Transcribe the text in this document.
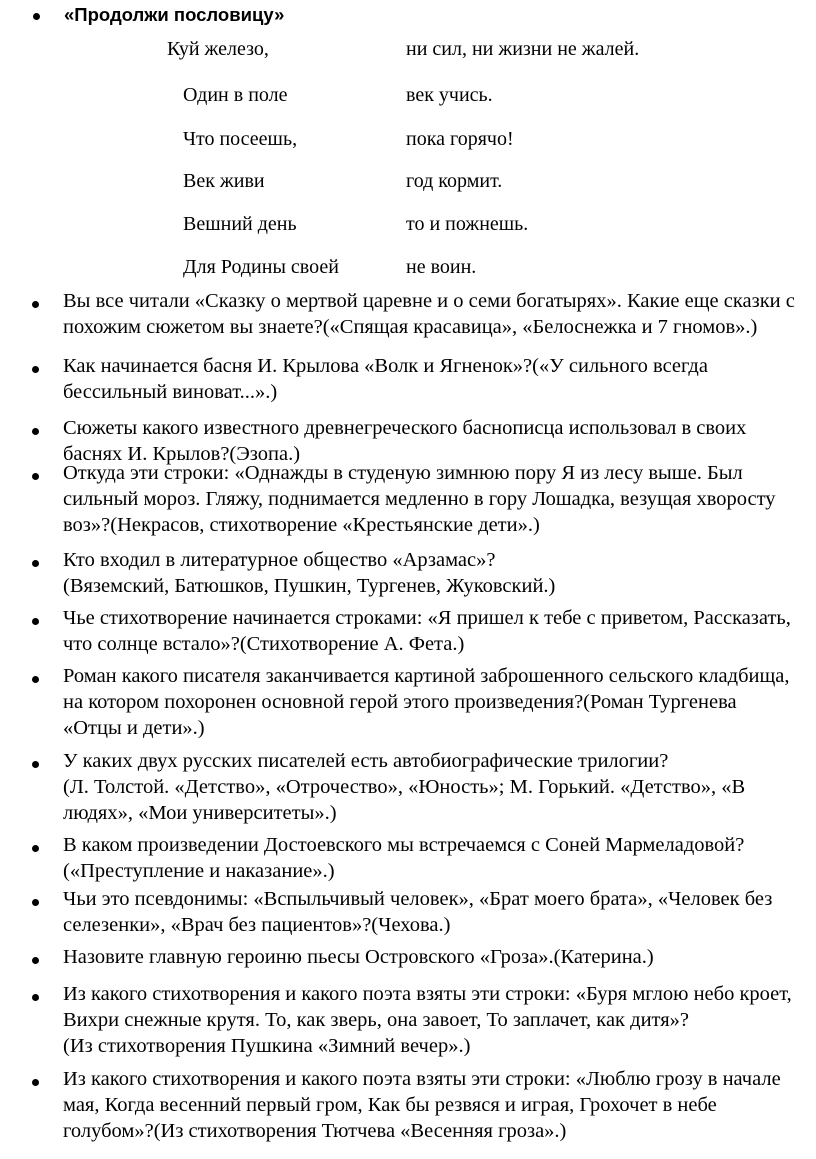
«Продолжи пословицу»
Куй железо,
Один в поле
Что посеешь,
Век живи
Вешний день
Для Родины своей
ни сил, ни жизни не жалей.
век учись.
пока горячо!
год кормит.
то и пожнешь.
не воин.
Вы все читали «Сказку о мертвой царевне и о семи богатырях». Какие еще сказки с
похожим сюжетом вы знаете?(«Спящая красавица», «Белоснежка и 7 гномов».)
Как начинается басня И. Крылова «Волк и Ягненок»?(«У сильного всегда
бессильный виноват...».)
Сюжеты какого известного древнегреческого баснописца использовал в своих
баснях И. Крылов?(Эзопа.)
Откуда эти строки: «Однажды в студеную зимнюю пору Я из лесу выше. Был
сильный мороз. Гляжу, поднимается медленно в гору Лошадка, везущая хворосту
воз»?(Некрасов, стихотворение «Крестьянские дети».)
Кто входил в литературное общество «Арзамас»?
(Вяземский, Батюшков, Пушкин, Тургенев, Жуковский.)
Чье стихотворение начинается строками: «Я пришел к тебе с приветом, Рассказать,
что солнце встало»?(Стихотворение А. Фета.)
Роман какого писателя заканчивается картиной заброшенного сельского кладбища,
на котором похоронен основной герой этого произведения?(Роман Тургенева
«Отцы и дети».)
У каких двух русских писателей есть автобиографические трилогии?
(Л. Толстой. «Детство», «Отрочество», «Юность»; М. Горький. «Детство», «В
людях», «Мои университеты».)
В каком произведении Достоевского мы встречаемся с Соней Мармеладовой?
(«Преступление и наказание».)
Чьи это псевдонимы: «Вспыльчивый человек», «Брат моего брата», «Человек без
селезенки», «Врач без пациентов»?(Чехова.)
Назовите главную героиню пьесы Островского «Гроза».(Катерина.)
Из какого стихотворения и какого поэта взяты эти строки: «Буря мглою небо кроет,
Вихри снежные крутя. То, как зверь, она завоет, То заплачет, как дитя»?
(Из стихотворения Пушкина «Зимний вечер».)
Из какого стихотворения и какого поэта взяты эти строки: «Люблю грозу в начале
мая, Когда весенний первый гром, Как бы резвяся и играя, Грохочет в небе
голубом»?(Из стихотворения Тютчева «Весенняя гроза».)
